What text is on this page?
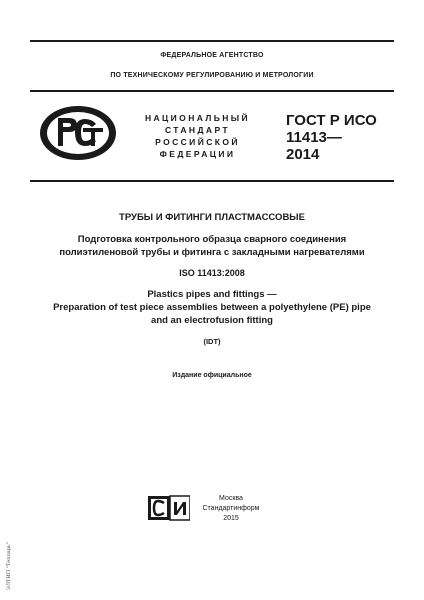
ФЕДЕРАЛЬНОЕ АГЕНТСТВО
ПО ТЕХНИЧЕСКОМУ РЕГУЛИРОВАНИЮ И МЕТРОЛОГИИ
НАЦИОНАЛЬНЫЙ
СТАНДАРТ
РОССИЙСКОЙ
ФЕДЕРАЦИИ
ГОСТ Р ИСО
11413—
2014
ТРУБЫ И ФИТИНГИ ПЛАСТМАССОВЫЕ
Подготовка контрольного образца сварного соединения
полиэтиленовой трубы и фитинга с закладными нагревателями
ISO 11413:2008
Plastics pipes and fittings —
Preparation of test piece assemblies between a polyethylene (PE) pipe
and an electrofusion fitting
(IDT)
Издание официальное
Москва
Стандартинформ
2015
ЭЛТИП "Тепларь"
